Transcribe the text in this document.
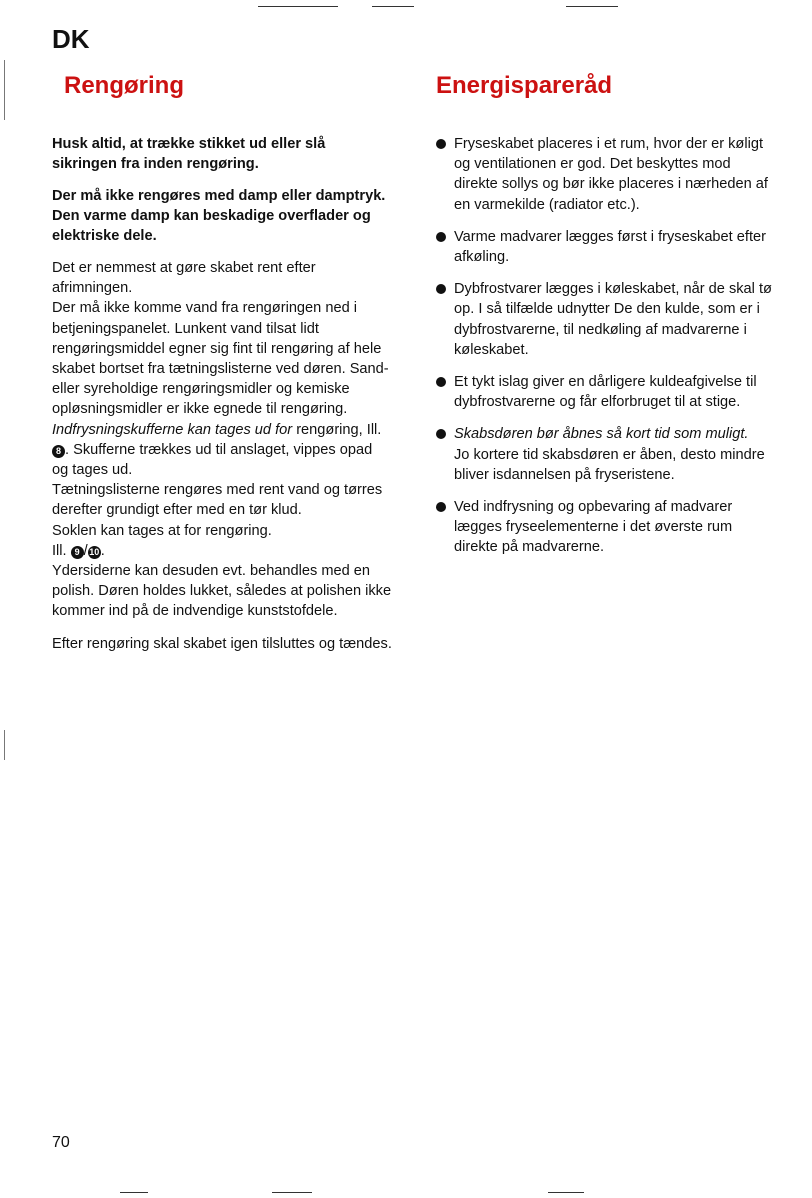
DK
Rengøring

Husk altid, at trække stikket ud eller slå sikringen fra inden rengøring.

Der må ikke rengøres med damp eller damptryk. Den varme damp kan beskadige overflader og elektriske dele.

Det er nemmest at gøre skabet rent efter afrimningen.

Der må ikke komme vand fra rengøringen ned i betjeningspanelet. Lunkent vand tilsat lidt rengøringsmiddel egner sig fint til rengøring af hele skabet bortset fra tætningslisterne ved døren. Sand- eller syreholdige rengøringsmidler og kemiske opløsningsmidler er ikke egnede til rengøring.

Indfrysningskufferne kan tages ud for rengøring, Ill. 8 . Skufferne trækkes ud til anslaget, vippes opad og tages ud.

Tætningslisterne rengøres med rent vand og tørres derefter grundigt efter med en tør klud.

Soklen kan tages at for rengøring.

Ill. 9 /10 .

Ydersiderne kan desuden evt. behandles med en polish. Døren holdes lukket, således at polishen ikke kommer ind på de indvendige kunststofdele.

Efter rengøring skal skabet igen tilsluttes og tændes.

Energisparеråd
Fryseskabet placeres i et rum, hvor der er køligt og ventilationen er god. Det beskyttes mod direkte sollys og bør ikke placeres i nærheden af en varmekilde (radiator etc.).
Varme madvarer lægges først i fryseskabet efter afkøling.
Dybfrostvarer lægges i køleskabet, når de skal tø op. I så tilfælde udnytter De den kulde, som er i dybfrostvarerne, til nedkøling af madvarerne i køleskabet.
Et tykt islag giver en dårligere kuldeafgivelse til dybfrostvarerne og får elforbruget til at stige.
Skabsdøren bør åbnes så kort tid som muligt.
Jo kortere tid skabsdøren er åben, desto mindre bliver isdannelsen på fryseristene.
Ved indfrysning og opbevaring af madvarer lægges fryseelementerne i det øverste rum direkte på madvarerne.
70
